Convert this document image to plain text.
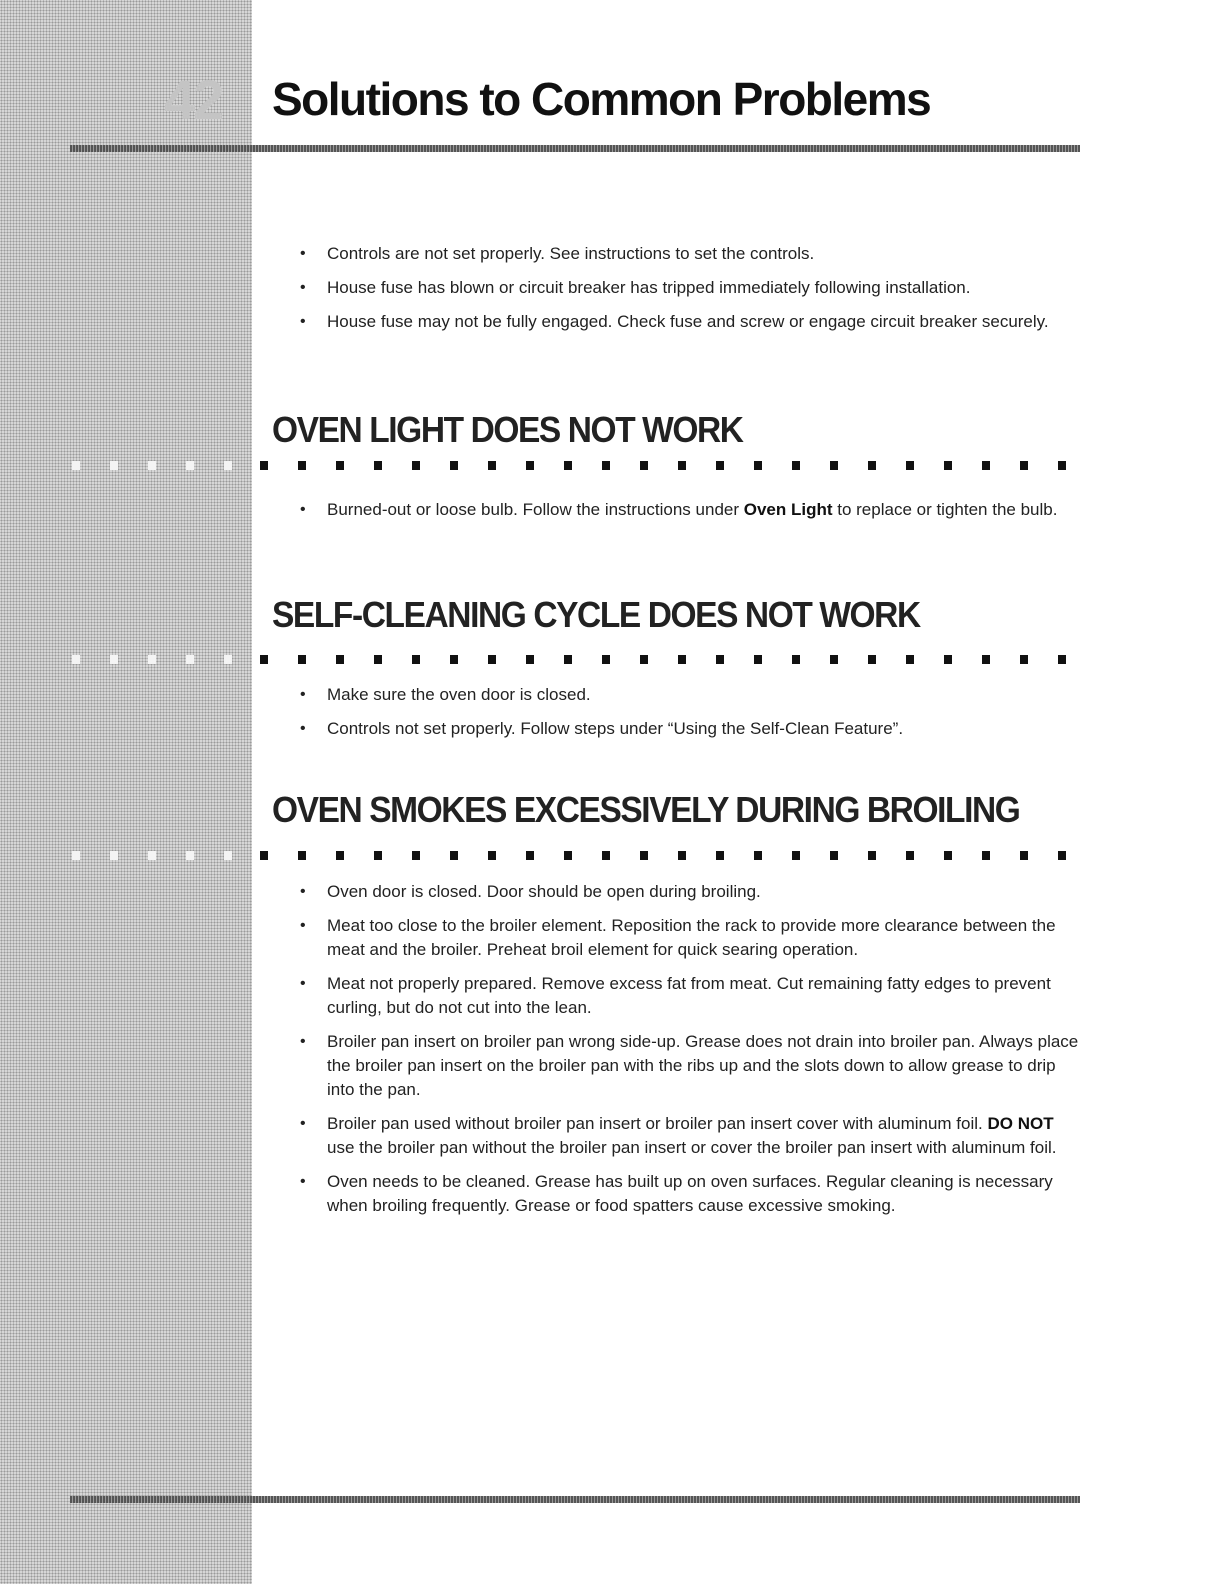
42 Solutions to Common Problems
• Controls are not set properly. See instructions to set the controls.
• House fuse has blown or circuit breaker has tripped immediately following installation.
• House fuse may not be fully engaged. Check fuse and screw or engage circuit breaker securely.
OVEN LIGHT DOES NOT WORK
• Burned-out or loose bulb. Follow the instructions under Oven Light to replace or tighten the bulb.
SELF-CLEANING CYCLE DOES NOT WORK
• Make sure the oven door is closed.
• Controls not set properly. Follow steps under “Using the Self-Clean Feature”.
OVEN SMOKES EXCESSIVELY DURING BROILING
• Oven door is closed. Door should be open during broiling.
• Meat too close to the broiler element. Reposition the rack to provide more clearance between the meat and the broiler. Preheat broil element for quick searing operation.
• Meat not properly prepared. Remove excess fat from meat. Cut remaining fatty edges to prevent curling, but do not cut into the lean.
• Broiler pan insert on broiler pan wrong side-up. Grease does not drain into broiler pan. Always place the broiler pan insert on the broiler pan with the ribs up and the slots down to allow grease to drip into the pan.
• Broiler pan used without broiler pan insert or broiler pan insert cover with aluminum foil. DO NOT use the broiler pan without the broiler pan insert or cover the broiler pan insert with aluminum foil.
• Oven needs to be cleaned. Grease has built up on oven surfaces. Regular cleaning is necessary when broiling frequently. Grease or food spatters cause excessive smoking.
